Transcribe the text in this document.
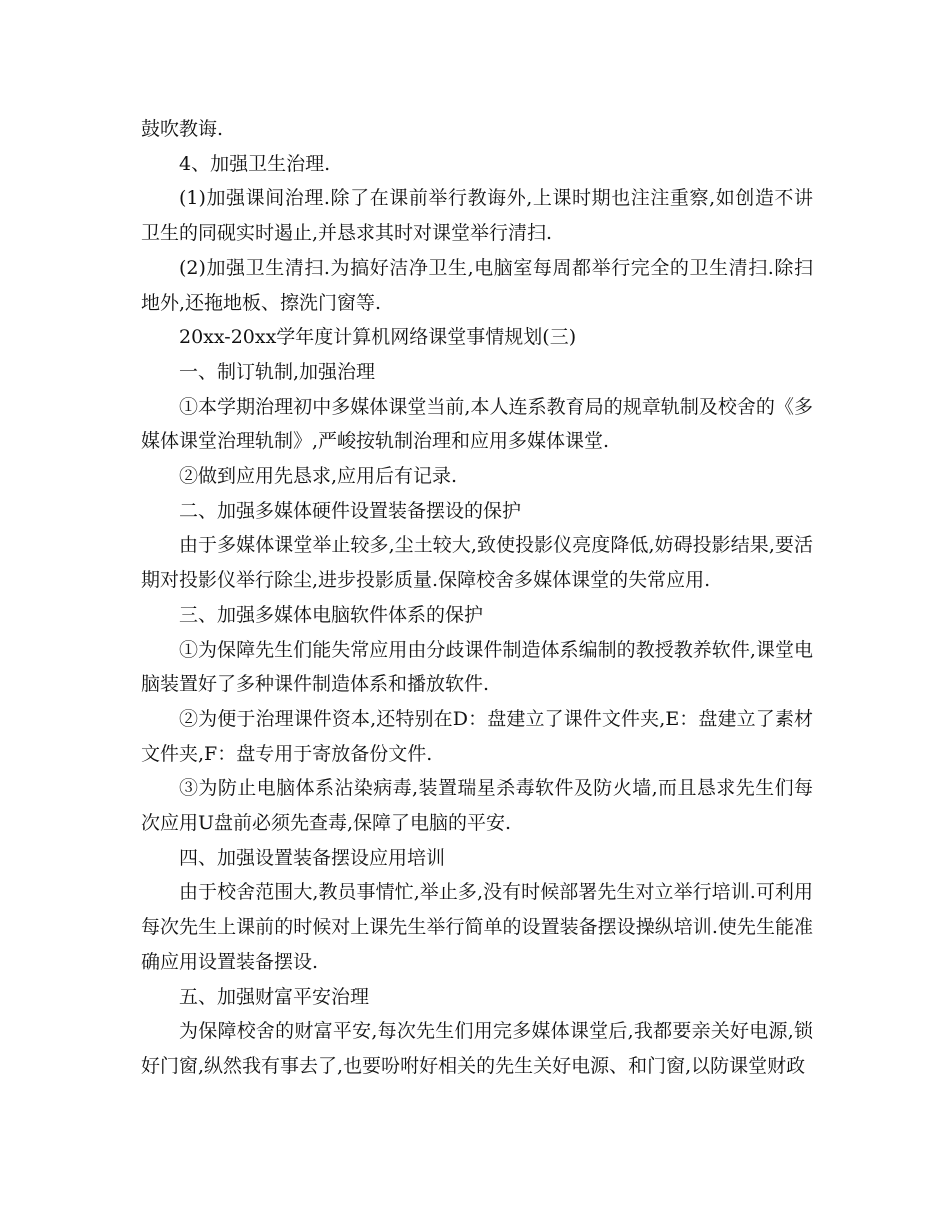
鼓吹教诲.

4、加强卫生治理.

(1)加强课间治理.除了在课前举行教诲外,上课时期也注注重察,如创造不讲卫生的同砚实时遏止,并恳求其时对课堂举行清扫.

(2)加强卫生清扫.为搞好洁净卫生,电脑室每周都举行完全的卫生清扫.除扫地外,还拖地板、擦洗门窗等.

20xx-20xx学年度计算机网络课堂事情规划(三)

一、制订轨制,加强治理

①本学期治理初中多媒体课堂当前,本人连系教育局的规章轨制及校舍的《多媒体课堂治理轨制》,严峻按轨制治理和应用多媒体课堂.

②做到应用先恳求,应用后有记录.

二、加强多媒体硬件设置装备摆设的保护

由于多媒体课堂举止较多,尘土较大,致使投影仪亮度降低,妨碍投影结果,要活期对投影仪举行除尘,进步投影质量.保障校舍多媒体课堂的失常应用.

三、加强多媒体电脑软件体系的保护

①为保障先生们能失常应用由分歧课件制造体系编制的教授教养软件,课堂电脑装置好了多种课件制造体系和播放软件.

②为便于治理课件资本,还特别在D：盘建立了课件文件夹,E：盘建立了素材文件夹,F：盘专用于寄放备份文件.

③为防止电脑体系沾染病毒,装置瑞星杀毒软件及防火墙,而且恳求先生们每次应用U盘前必须先查毒,保障了电脑的平安.

四、加强设置装备摆设应用培训

由于校舍范围大,教员事情忙,举止多,没有时候部署先生对立举行培训.可利用每次先生上课前的时候对上课先生举行简单的设置装备摆设操纵培训.使先生能准确应用设置装备摆设.

五、加强财富平安治理

为保障校舍的财富平安,每次先生们用完多媒体课堂后,我都要亲关好电源,锁好门窗,纵然我有事去了,也要吩咐好相关的先生关好电源、和门窗,以防课堂财政
